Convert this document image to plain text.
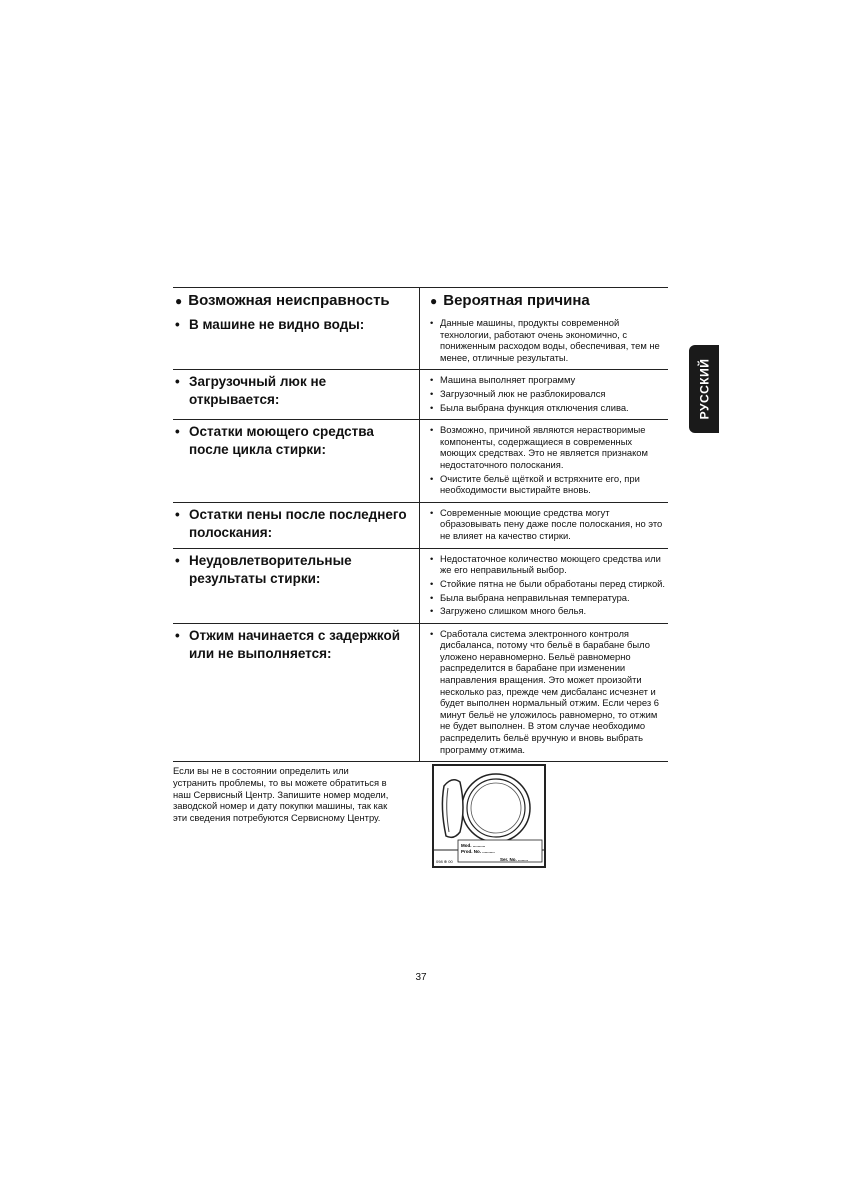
РУССКИЙ
● Возможная неисправность	● Вероятная причина
• В машине не видно воды:	• Данные машины, продукты современной технологии, работают очень экономично, с пониженным расходом воды, обеспечивая, тем не менее, отличные результаты.
• Загрузочный люк не открывается:
• Машина выполняет программу
• Загрузочный люк не разблокировался
• Была выбрана функция отключения слива.
• Остатки моющего средства после цикла стирки:
• Возможно, причиной являются нерастворимые компоненты, содержащиеся в современных моющих средствах. Это не является признаком недостаточного полоскания.
• Очистите бельё щёткой и встряхните его, при необходимости выстирайте вновь.
• Остатки пены после последнего полоскания:
• Современные моющие средства могут образовывать пену даже после полоскания, но это не влияет на качество стирки.
• Неудовлетворительные результаты стирки:
• Недостаточное количество моющего средства или же его неправильный выбор.
• Стойкие пятна не были обработаны перед стиркой.
• Была выбрана неправильная температура.
• Загружено слишком много белья.
• Отжим начинается с задержкой или не выполняется:
• Сработала система электронного контроля дисбаланса, потому что бельё в барабане было уложено неравномерно. Бельё равномерно распределится в барабане при изменении направления вращения. Это может произойти несколько раз, прежде чем дисбаланс исчезнет и будет выполнен нормальный отжим. Если через 6 минут бельё не уложилось равномерно, то отжим не будет выполнен. В этом случае необходимо распределить бельё вручную и вновь выбрать программу отжима.
Если вы не в состоянии определить или
устранить проблемы, то вы можете обратиться в
наш Сервисный Центр. Запишите номер модели,
заводской номер и дату покупки машины, так как
эти сведения потребуются Сервисному Центру.
Mod. ..........
Prod. No. ..........
Ser. No. ........
098 ⊕ 00
37
